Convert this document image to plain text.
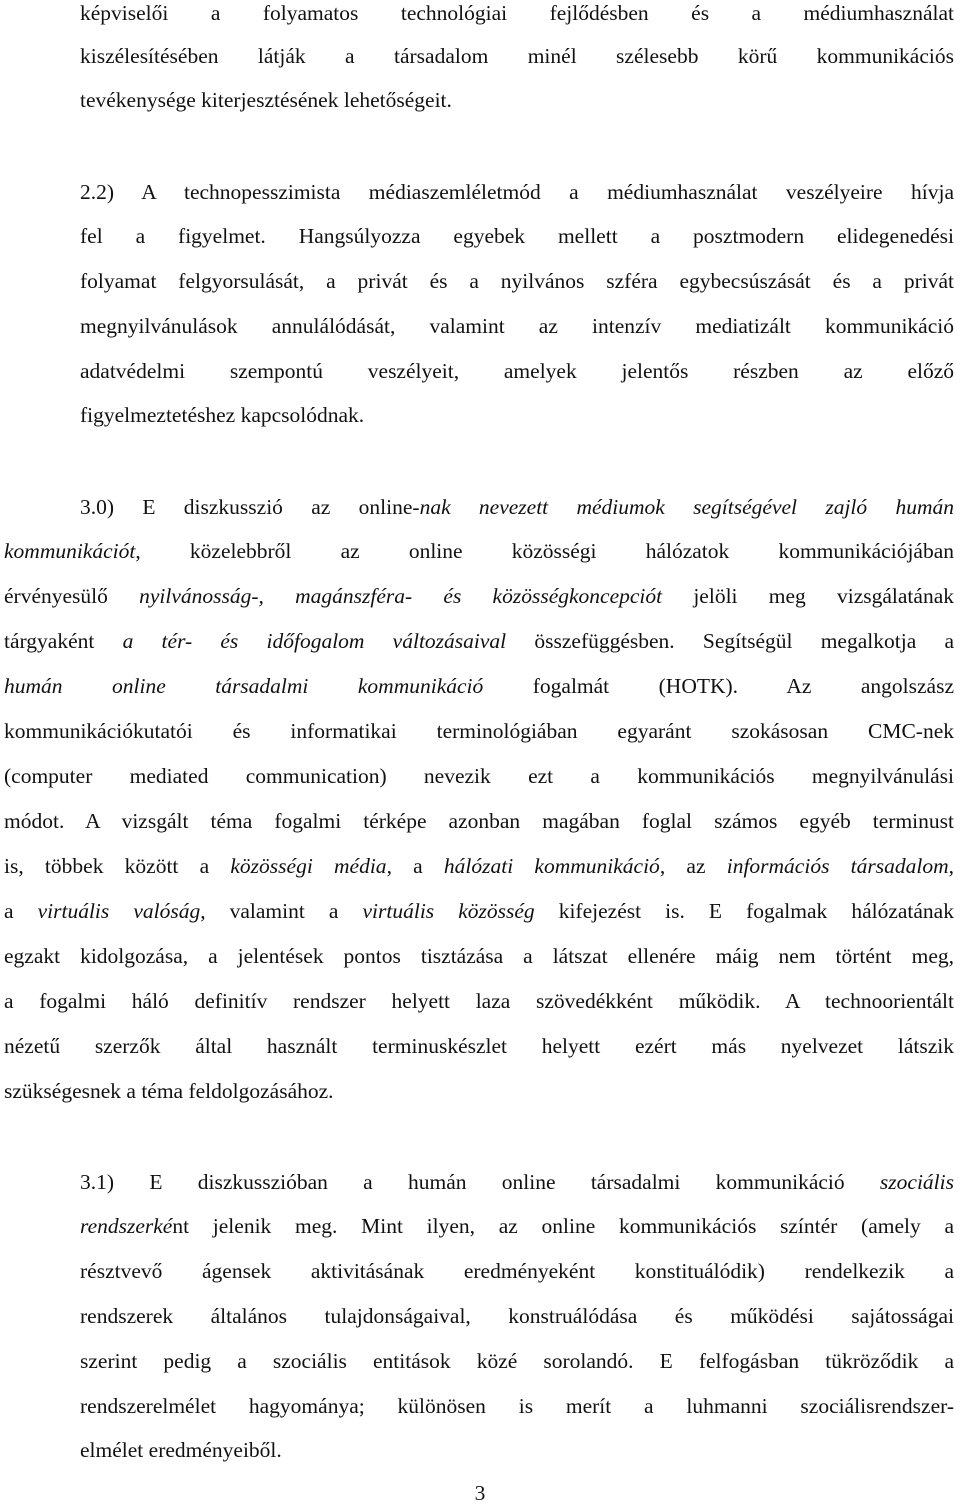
képviselői a folyamatos technológiai fejlődésben és a médiumhasználat
kiszélesítésében látják a társadalom minél szélesebb körű kommunikációs
tevékenysége kiterjesztésének lehetőségeit.
2.2) A technopesszimista médiaszemléletmód a médiumhasználat veszélyeire hívja
fel a figyelmet. Hangsúlyozza egyebek mellett a posztmodern elidegenedési
folyamat felgyorsulását, a privát és a nyilvános szféra egybecsúszását és a privát
megnyilvánulások annulálódását, valamint az intenzív mediatizált kommunikáció
adatvédelmi szempontú veszélyeit, amelyek jelentős részben az előző
figyelmeztetéshez kapcsolódnak.
3.0) E diszkusszió az online-nak nevezett médiumok segítségével zajló humán
kommunikációt, közelebbről az online közösségi hálózatok kommunikációjában
érvényesülő nyilvánosság-, magánszféra- és közösségkoncepciót jelöli meg vizsgálatának
tárgyaként a tér- és időfogalom változásaival összefüggésben. Segítségül megalkotja a
humán online társadalmi kommunikáció fogalmát (HOTK). Az angolszász
kommunikációkutatói és informatikai terminológiában egyaránt szokásosan CMC-nek
(computer mediated communication) nevezik ezt a kommunikációs megnyilvánulási
módot. A vizsgált téma fogalmi térképe azonban magában foglal számos egyéb terminust
is, többek között a közösségi média, a hálózati kommunikáció, az információs társadalom,
a virtuális valóság, valamint a virtuális közösség kifejezést is. E fogalmak hálózatának
egzakt kidolgozása, a jelentések pontos tisztázása a látszat ellenére máig nem történt meg,
a fogalmi háló definitív rendszer helyett laza szövedékként működik. A technoorientált
nézetű szerzők által használt terminuskészlet helyett ezért más nyelvezet látszik
szükségesnek a téma feldolgozásához.
3.1) E diszkusszióban a humán online társadalmi kommunikáció szociális
rendszerként jelenik meg. Mint ilyen, az online kommunikációs színtér (amely a
résztvevő ágensek aktivitásának eredményeként konstituálódik) rendelkezik a
rendszerek általános tulajdonságaival, konstruálódása és működési sajátosságai
szerint pedig a szociális entitások közé sorolandó. E felfogásban tükröződik a
rendszerelmélet hagyománya; különösen is merít a luhmanni szociálisrendszer-
elmélet eredményeiből.
3
